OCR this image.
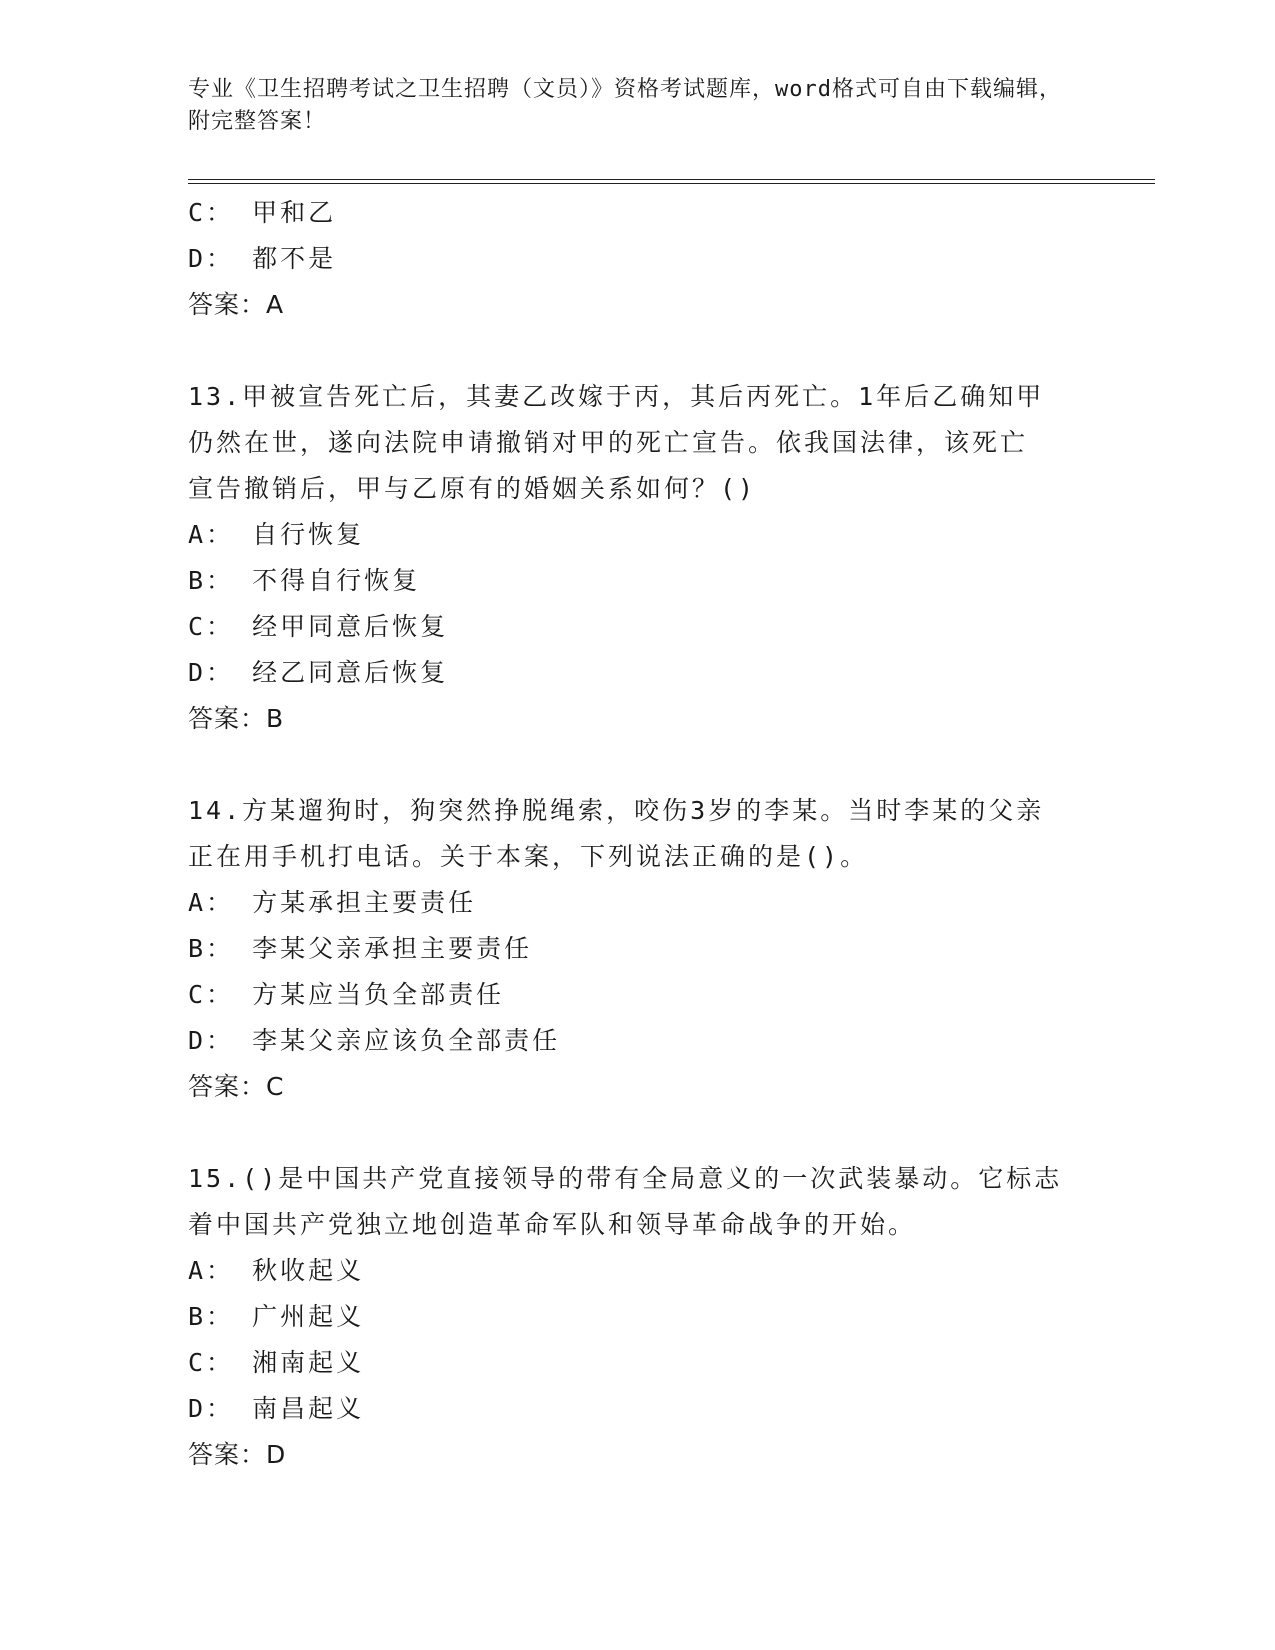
专业《卫生招聘考试之卫生招聘（文员）》资格考试题库，word格式可自由下载编辑，附完整答案！
C： 甲和乙
D： 都不是
答案：A
13.甲被宣告死亡后，其妻乙改嫁于丙，其后丙死亡。1年后乙确知甲
仍然在世，遂向法院申请撤销对甲的死亡宣告。依我国法律，该死亡
宣告撤销后，甲与乙原有的婚姻关系如何？()
A： 自行恢复
B： 不得自行恢复
C： 经甲同意后恢复
D： 经乙同意后恢复
答案：B
14.方某遛狗时，狗突然挣脱绳索，咬伤3岁的李某。当时李某的父亲
正在用手机打电话。关于本案，下列说法正确的是()。
A： 方某承担主要责任
B： 李某父亲承担主要责任
C： 方某应当负全部责任
D： 李某父亲应该负全部责任
答案：C
15.()是中国共产党直接领导的带有全局意义的一次武装暴动。它标志
着中国共产党独立地创造革命军队和领导革命战争的开始。
A： 秋收起义
B： 广州起义
C： 湘南起义
D： 南昌起义
答案：D
